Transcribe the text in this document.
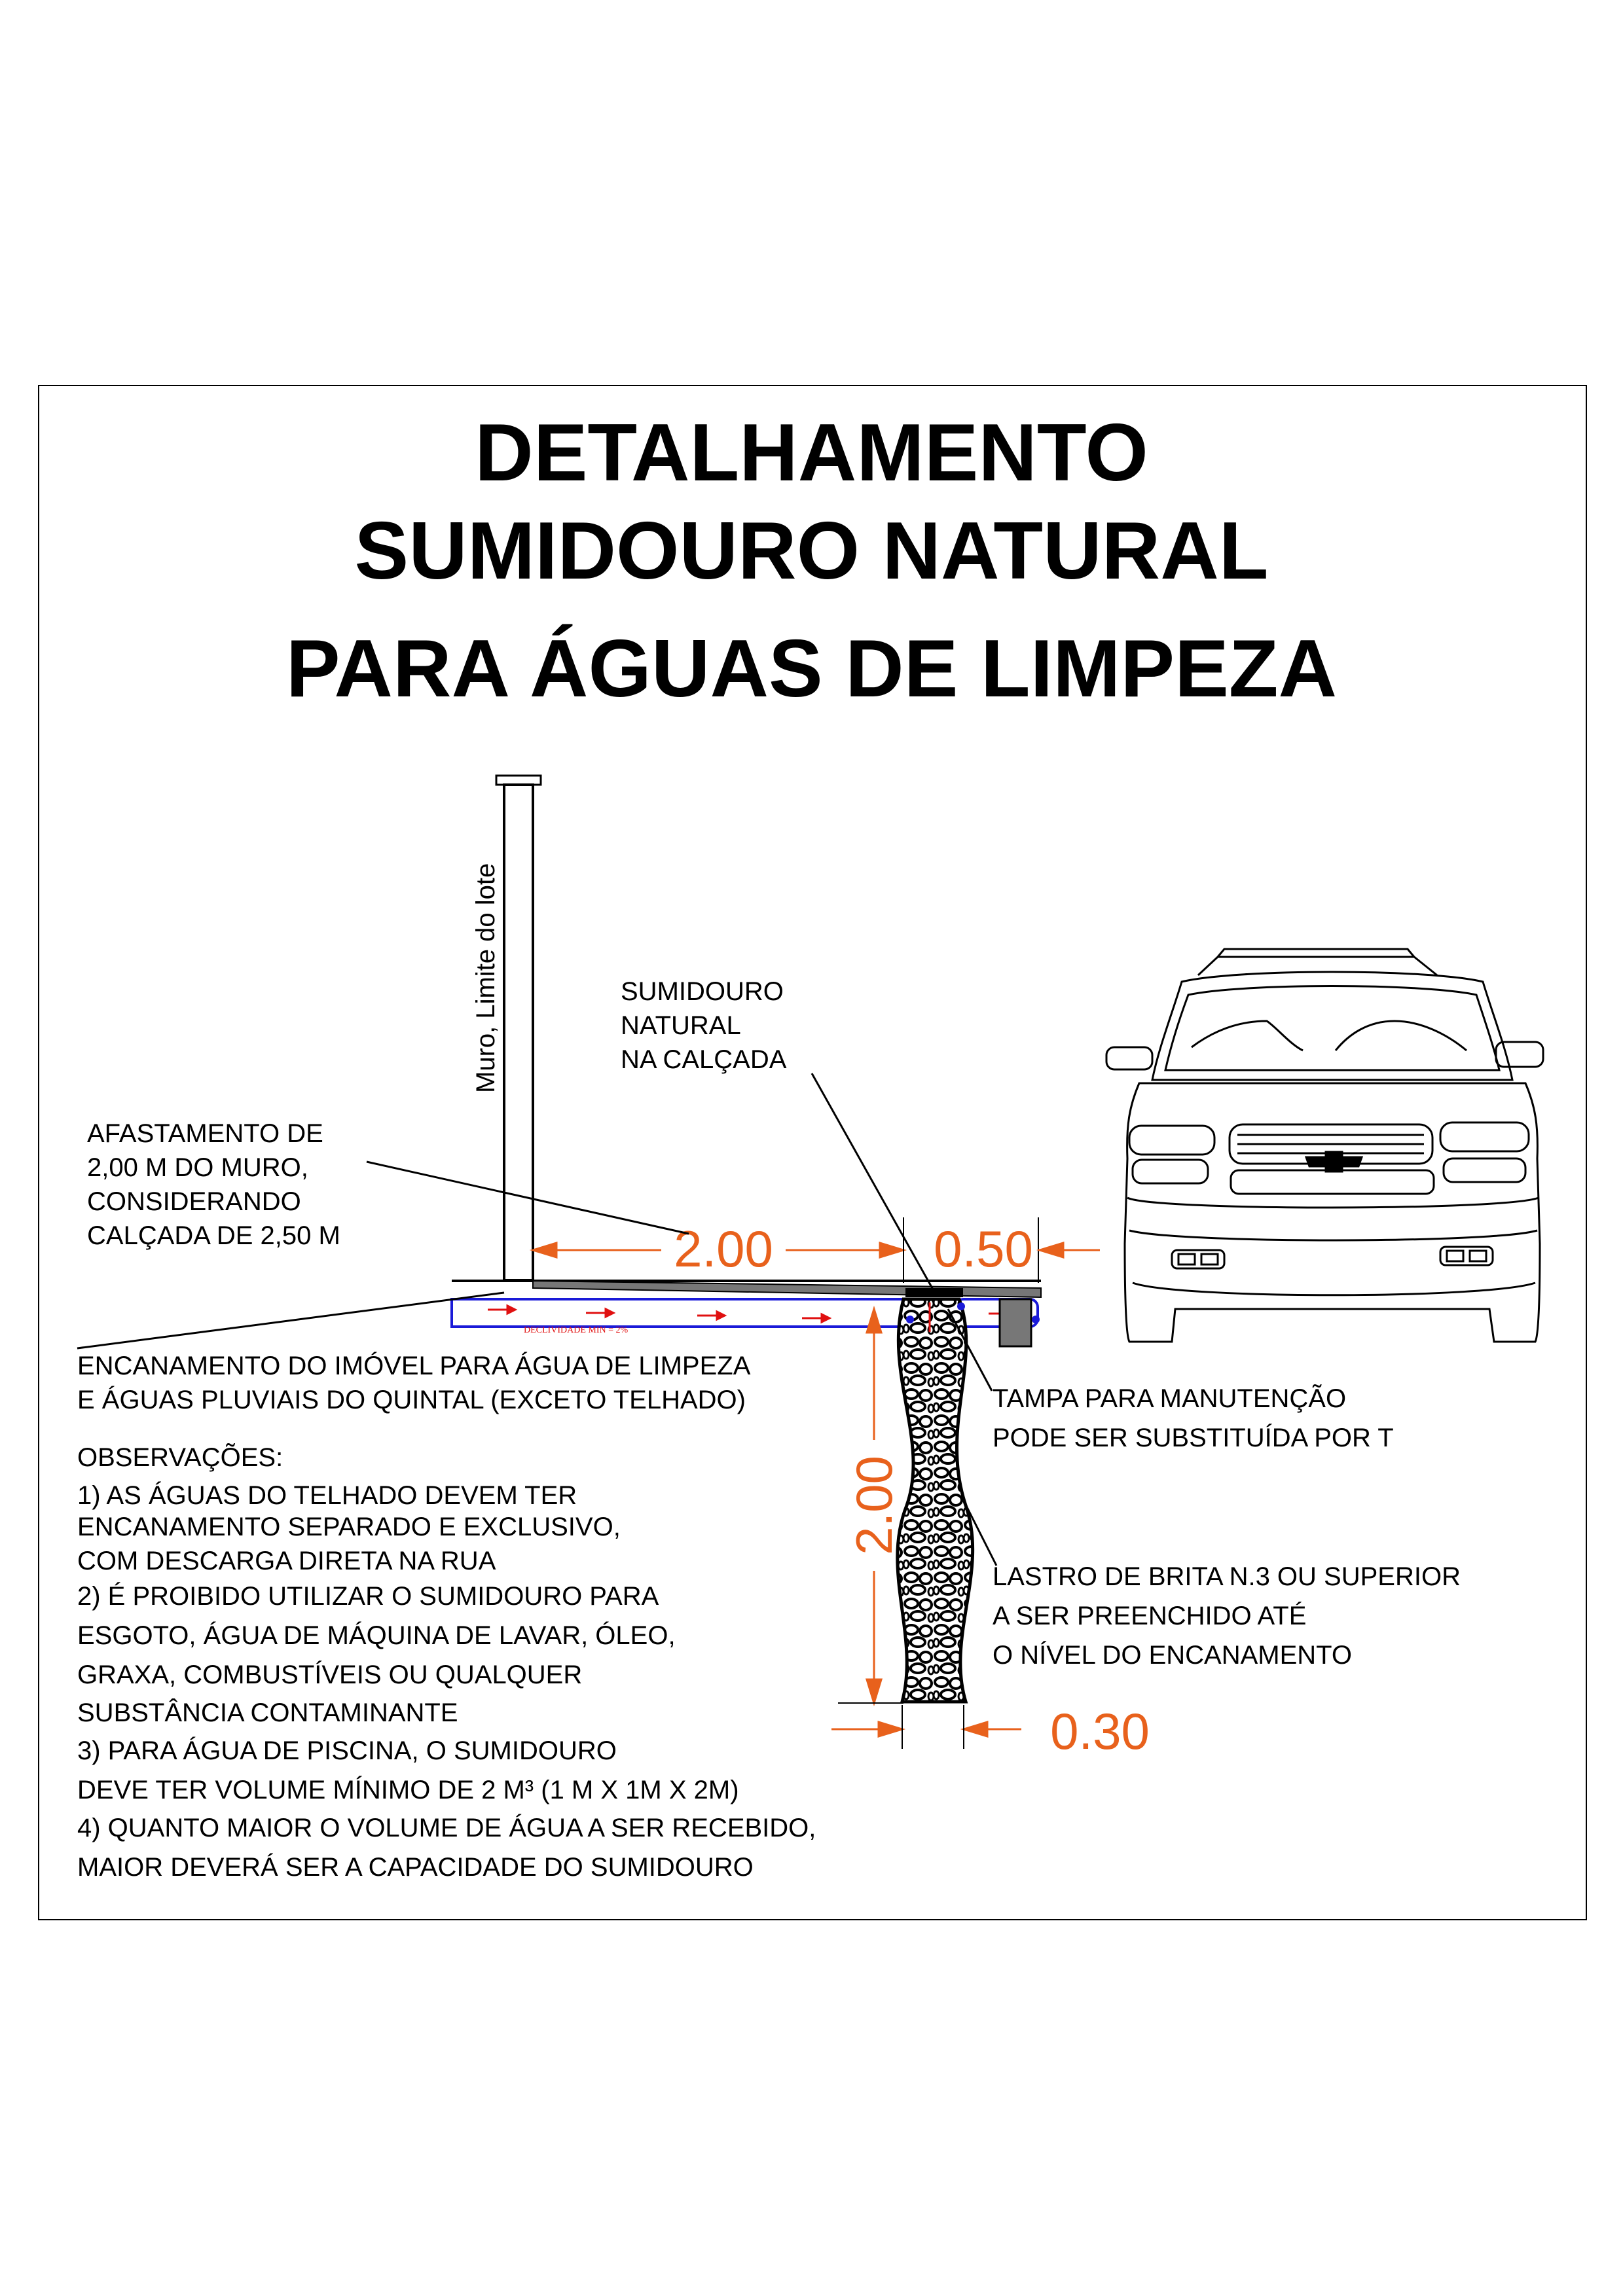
DETALHAMENTO
SUMIDOURO NATURAL
PARA ÁGUAS DE LIMPEZA
Muro, Limite do lote
DECLIVIDADE MIN = 2%
2.00	0.50
2.00
0.30
SUMIDOURO
NATURAL
NA CALÇADA
AFASTAMENTO DE
2,00 M DO MURO,
CONSIDERANDO
CALÇADA DE 2,50 M
ENCANAMENTO DO IMÓVEL PARA ÁGUA DE LIMPEZA
E ÁGUAS PLUVIAIS DO QUINTAL (EXCETO TELHADO)	TAMPA PARA MANUTENÇÃO
PODE SER SUBSTITUÍDA POR T
LASTRO DE BRITA N.3 OU SUPERIOR
A SER PREENCHIDO ATÉ
O NÍVEL DO ENCANAMENTO
OBSERVAÇÕES:
1) AS ÁGUAS DO TELHADO DEVEM TER
ENCANAMENTO SEPARADO E EXCLUSIVO,
COM DESCARGA DIRETA NA RUA
2) É PROIBIDO UTILIZAR O SUMIDOURO PARA
ESGOTO, ÁGUA DE MÁQUINA DE LAVAR, ÓLEO,
GRAXA, COMBUSTÍVEIS OU QUALQUER
SUBSTÂNCIA CONTAMINANTE
3) PARA ÁGUA DE PISCINA, O SUMIDOURO
DEVE TER VOLUME MÍNIMO DE 2 M³ (1 M X 1M X 2M)
4) QUANTO MAIOR O VOLUME DE ÁGUA A SER RECEBIDO,
MAIOR DEVERÁ SER A CAPACIDADE DO SUMIDOURO
